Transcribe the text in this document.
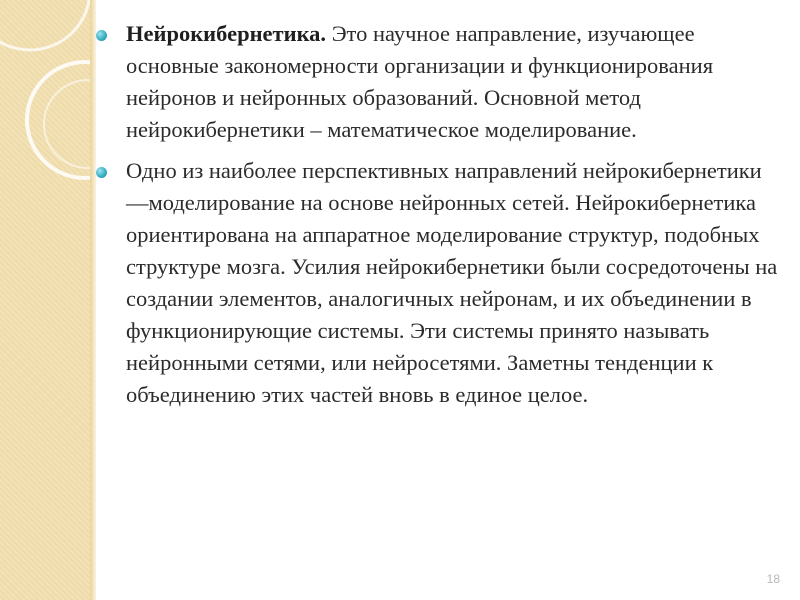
Нейрокибернетика. Это научное направление, изучающее основные закономерности организации и функционирования нейронов и нейронных образований. Основной метод нейрокибернетики – математическое моделирование.

Одно из наиболее перспективных направлений нейрокибернетики —моделирование на основе нейронных сетей. Нейрокибернетика ориентирована на аппаратное моделирование структур, подобных структуре мозга. Усилия нейрокибернетики были сосредоточены на создании элементов, аналогичных нейронам, и их объединении в функционирующие системы. Эти системы принято называть нейронными сетями, или нейросетями. Заметны тенденции к объединению этих частей вновь в единое целое.

18
